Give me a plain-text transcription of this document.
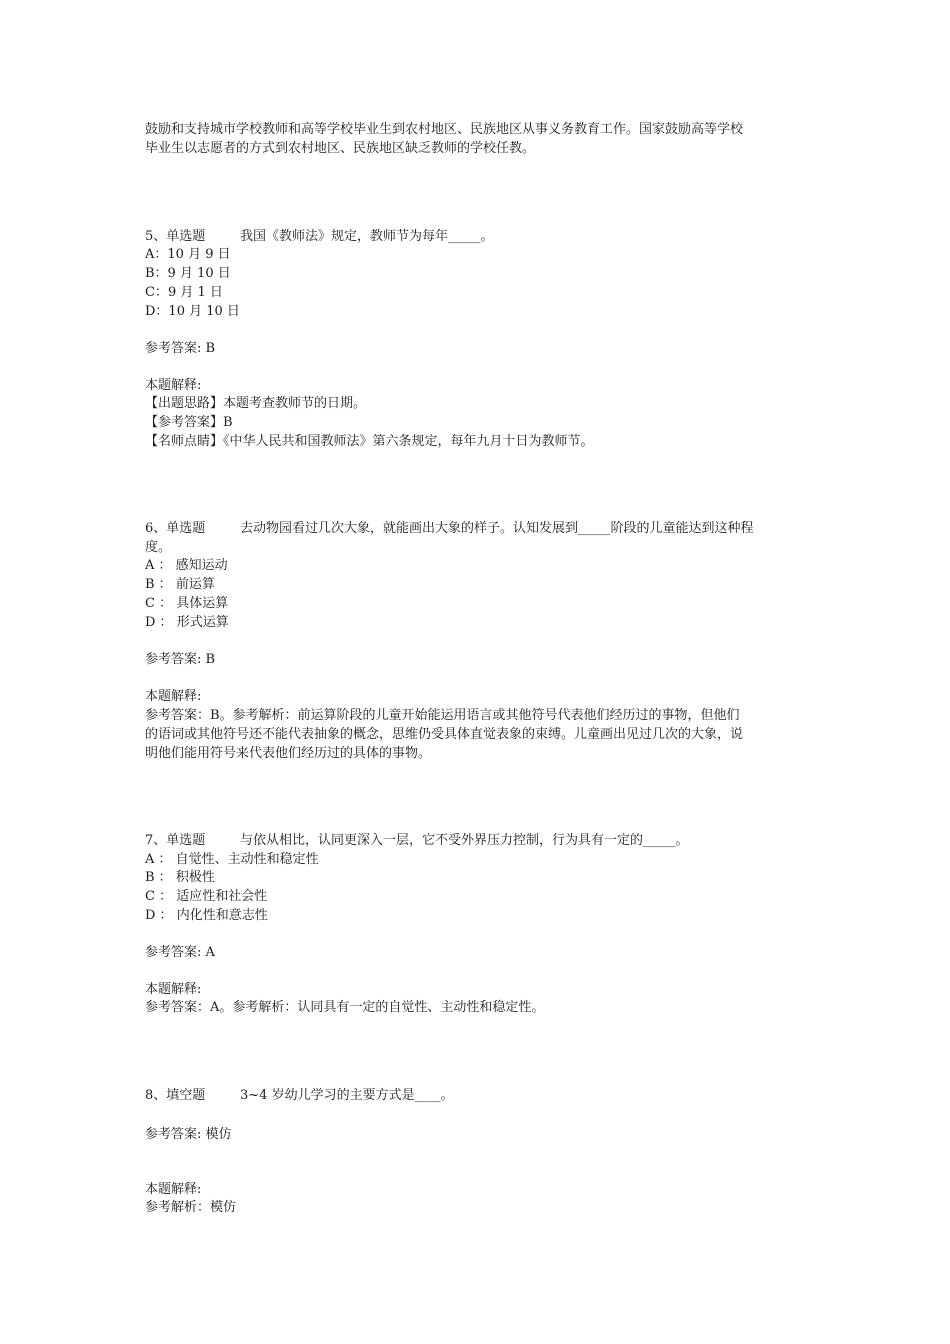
鼓励和支持城市学校教师和高等学校毕业生到农村地区、民族地区从事义务教育工作。国家鼓励高等学校
毕业生以志愿者的方式到农村地区、民族地区缺乏教师的学校任教。
5、单选题	我国《教师法》规定，教师节为每年_____。
A：10 月 9 日
B：9 月 10 日
C：9 月 1 日
D：10 月 10 日
参考答案: B
本题解释:
【出题思路】本题考查教师节的日期。
【参考答案】B
【名师点睛】《中华人民共和国教师法》第六条规定，每年九月十日为教师节。
6、单选题	去动物园看过几次大象，就能画出大象的样子。认知发展到_____阶段的儿童能达到这种程
度。
A ： 感知运动
B ： 前运算
C ： 具体运算
D ： 形式运算
参考答案: B
本题解释:
参考答案：B。参考解析：前运算阶段的儿童开始能运用语言或其他符号代表他们经历过的事物，但他们
的语词或其他符号还不能代表抽象的概念，思维仍受具体直觉表象的束缚。儿童画出见过几次的大象，说
明他们能用符号来代表他们经历过的具体的事物。
7、单选题	与依从相比，认同更深入一层，它不受外界压力控制，行为具有一定的_____。
A ： 自觉性、主动性和稳定性
B ： 积极性
C ： 适应性和社会性
D ： 内化性和意志性
参考答案: A
本题解释:
参考答案：A。参考解析：认同具有一定的自觉性、主动性和稳定性。
8、填空题	3~4 岁幼儿学习的主要方式是____。
参考答案: 模仿
本题解释:
参考解析：模仿
